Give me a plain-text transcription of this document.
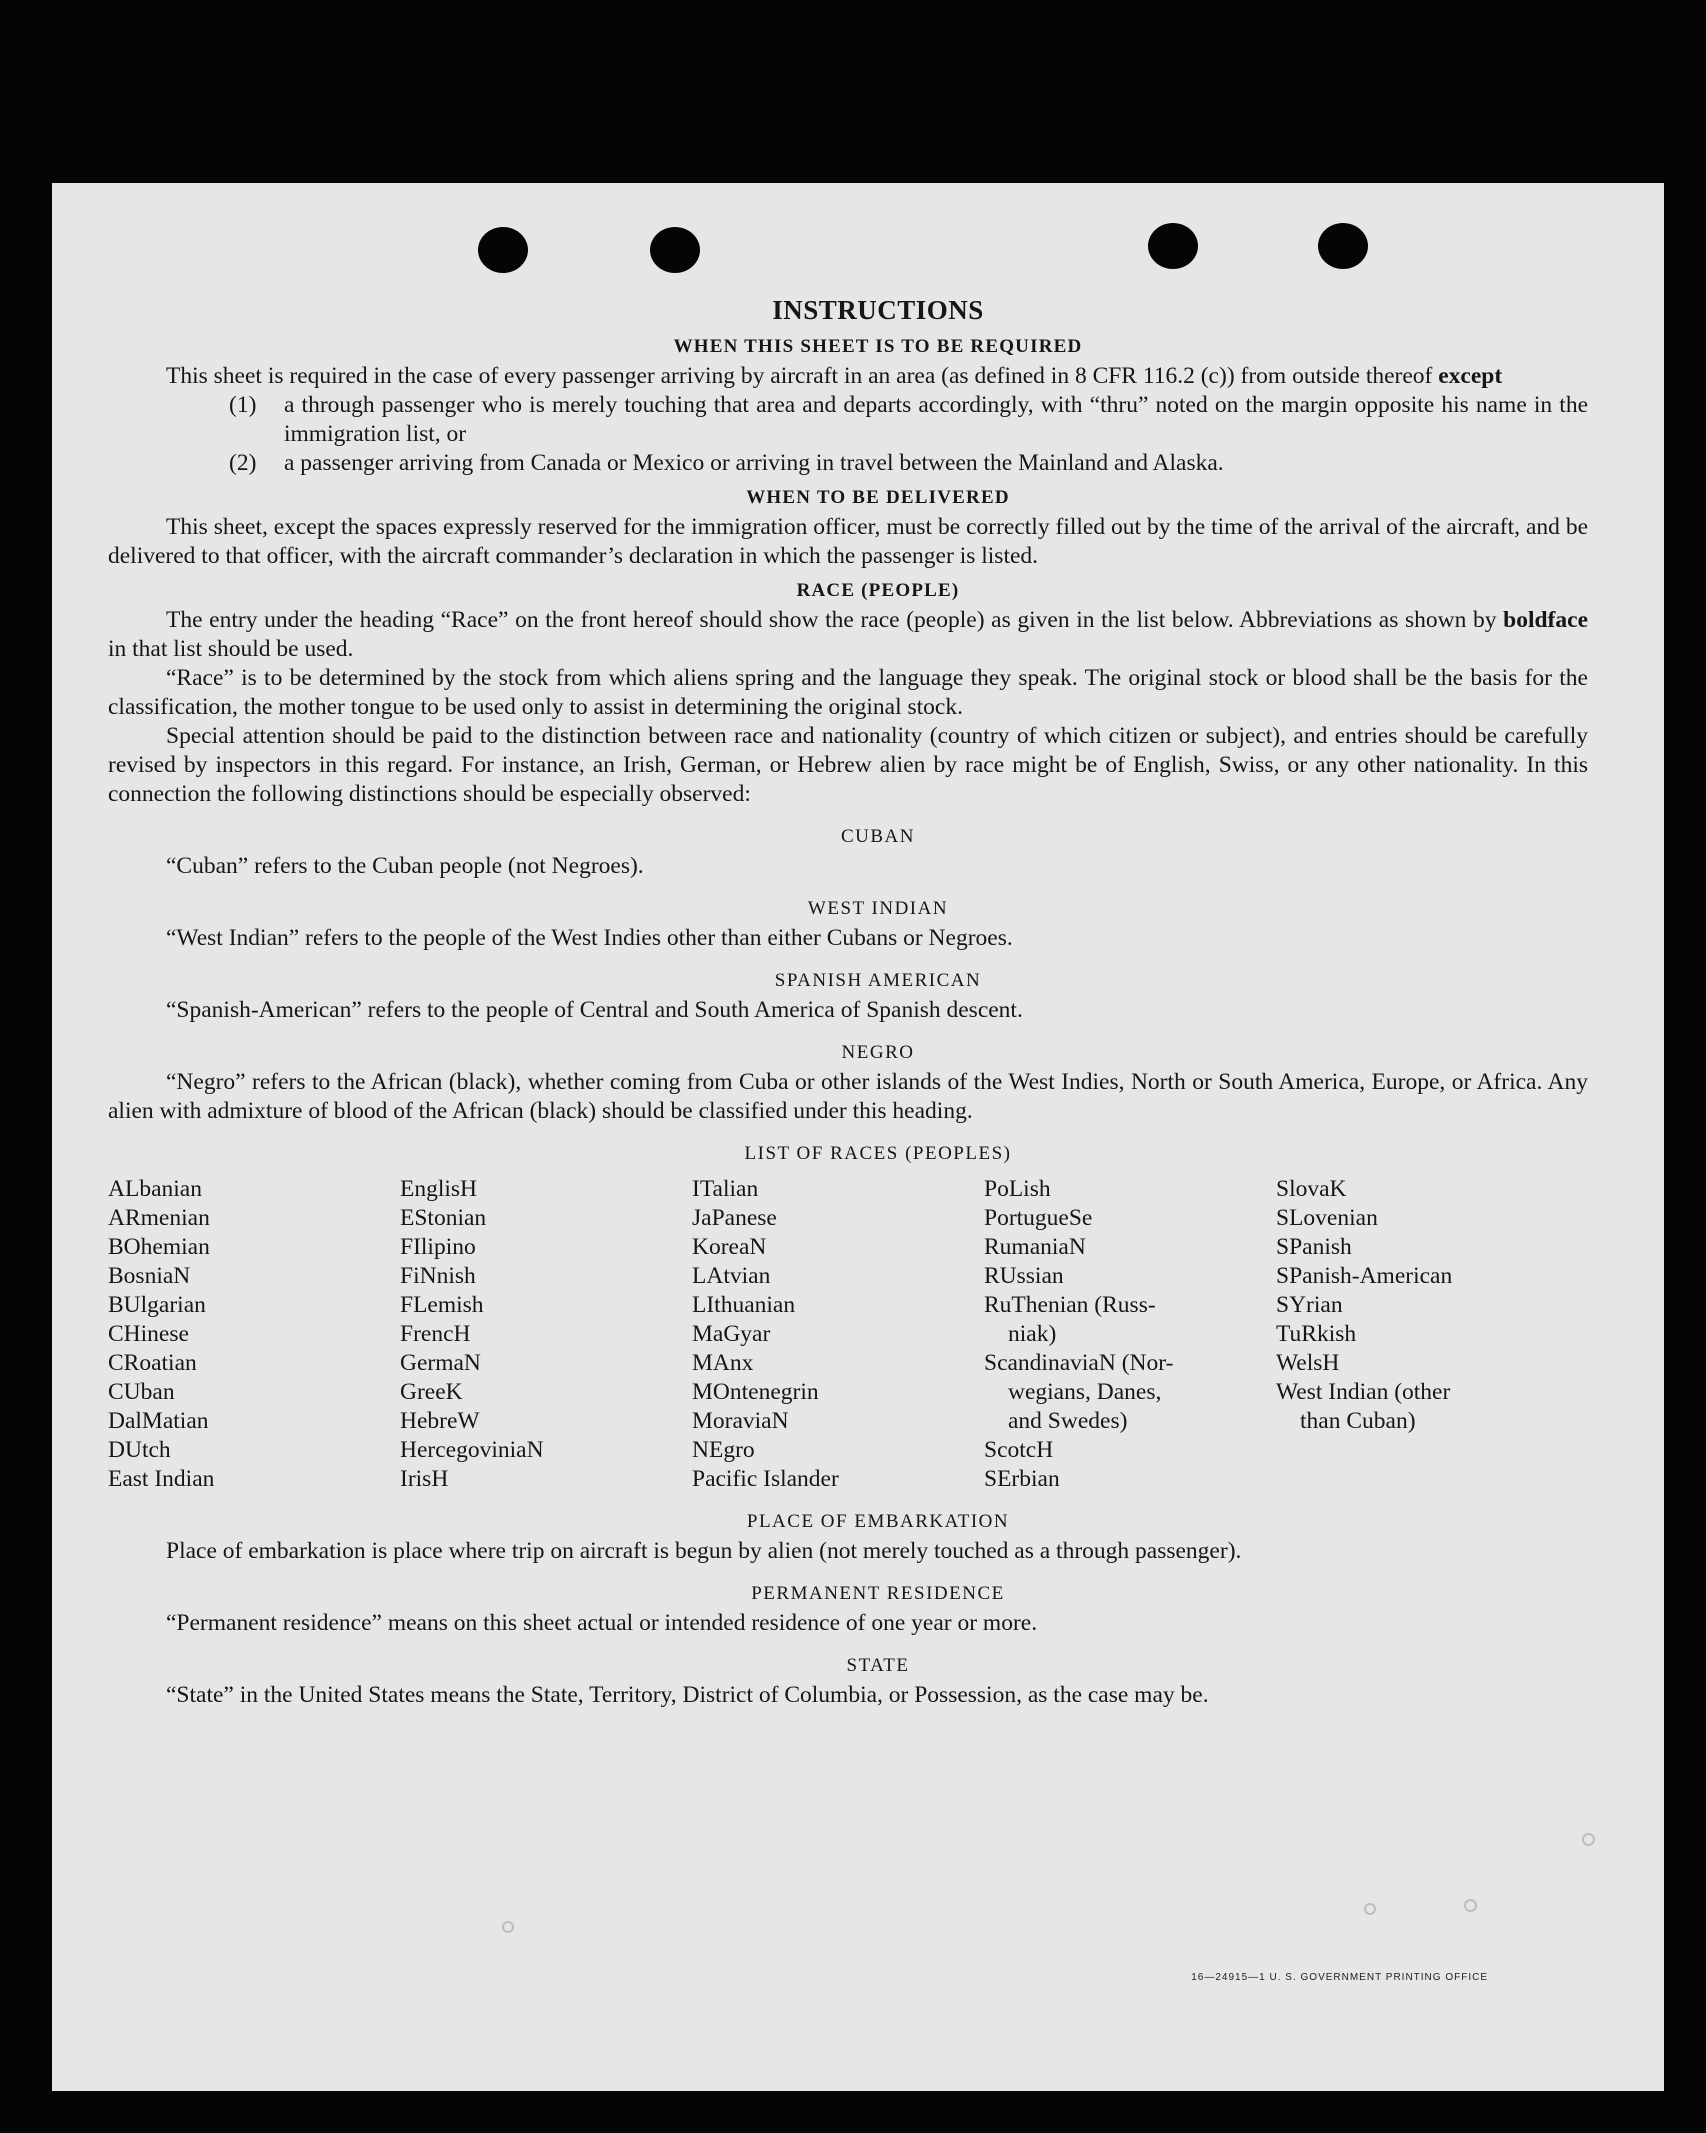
INSTRUCTIONS
WHEN THIS SHEET IS TO BE REQUIRED

This sheet is required in the case of every passenger arriving by aircraft in an area (as defined in 8 CFR 116.2 (c)) from outside thereof except

(1)	a through passenger who is merely touching that area and departs accordingly, with “thru” noted on the margin opposite his name in the immigration list, or
(2)	a passenger arriving from Canada or Mexico or arriving in travel between the Mainland and Alaska.
WHEN TO BE DELIVERED

This sheet, except the spaces expressly reserved for the immigration officer, must be correctly filled out by the time of the arrival of the aircraft, and be delivered to that officer, with the aircraft commander’s declaration in which the passenger is listed.

RACE (PEOPLE)

The entry under the heading “Race” on the front hereof should show the race (people) as given in the list below. Abbreviations as shown by boldface in that list should be used.

“Race” is to be determined by the stock from which aliens spring and the language they speak. The original stock or blood shall be the basis for the classification, the mother tongue to be used only to assist in determining the original stock.

Special attention should be paid to the distinction between race and nationality (country of which citizen or subject), and entries should be carefully revised by inspectors in this regard. For instance, an Irish, German, or Hebrew alien by race might be of English, Swiss, or any other nationality. In this connection the following distinctions should be especially observed:

CUBAN

“Cuban” refers to the Cuban people (not Negroes).

WEST INDIAN

“West Indian” refers to the people of the West Indies other than either Cubans or Negroes.

SPANISH AMERICAN

“Spanish-American” refers to the people of Central and South America of Spanish descent.

NEGRO

“Negro” refers to the African (black), whether coming from Cuba or other islands of the West Indies, North or South America, Europe, or Africa. Any alien with admixture of blood of the African (black) should be classified under this heading.

LIST OF RACES (PEOPLES)
ALbanian
ARmenian
BOhemian
BosniaN
BUlgarian
CHinese
CRoatian
CUban
DalMatian
DUtch
East Indian
EnglisH
EStonian
FIlipino
FiNnish
FLemish
FrencH
GermaN
GreeK
HebreW
HercegoviniaN
IrisH
ITalian
JaPanese
KoreaN
LAtvian
LIthuanian
MaGyar
MAnx
MOntenegrin
MoraviaN
NEgro
Pacific Islander
PoLish
PortugueSe
RumaniaN
RUssian
RuThenian (Russ-
niak)
ScandinaviaN (Nor-
wegians, Danes,
and Swedes)
ScotcH
SErbian
SlovaK
SLovenian
SPanish
SPanish-American
SYrian
TuRkish
WelsH
West Indian (other
than Cuban)
PLACE OF EMBARKATION

Place of embarkation is place where trip on aircraft is begun by alien (not merely touched as a through passenger).

PERMANENT RESIDENCE

“Permanent residence” means on this sheet actual or intended residence of one year or more.

STATE

“State” in the United States means the State, Territory, District of Columbia, or Possession, as the case may be.

16—24915—1 U. S. GOVERNMENT PRINTING OFFICE
